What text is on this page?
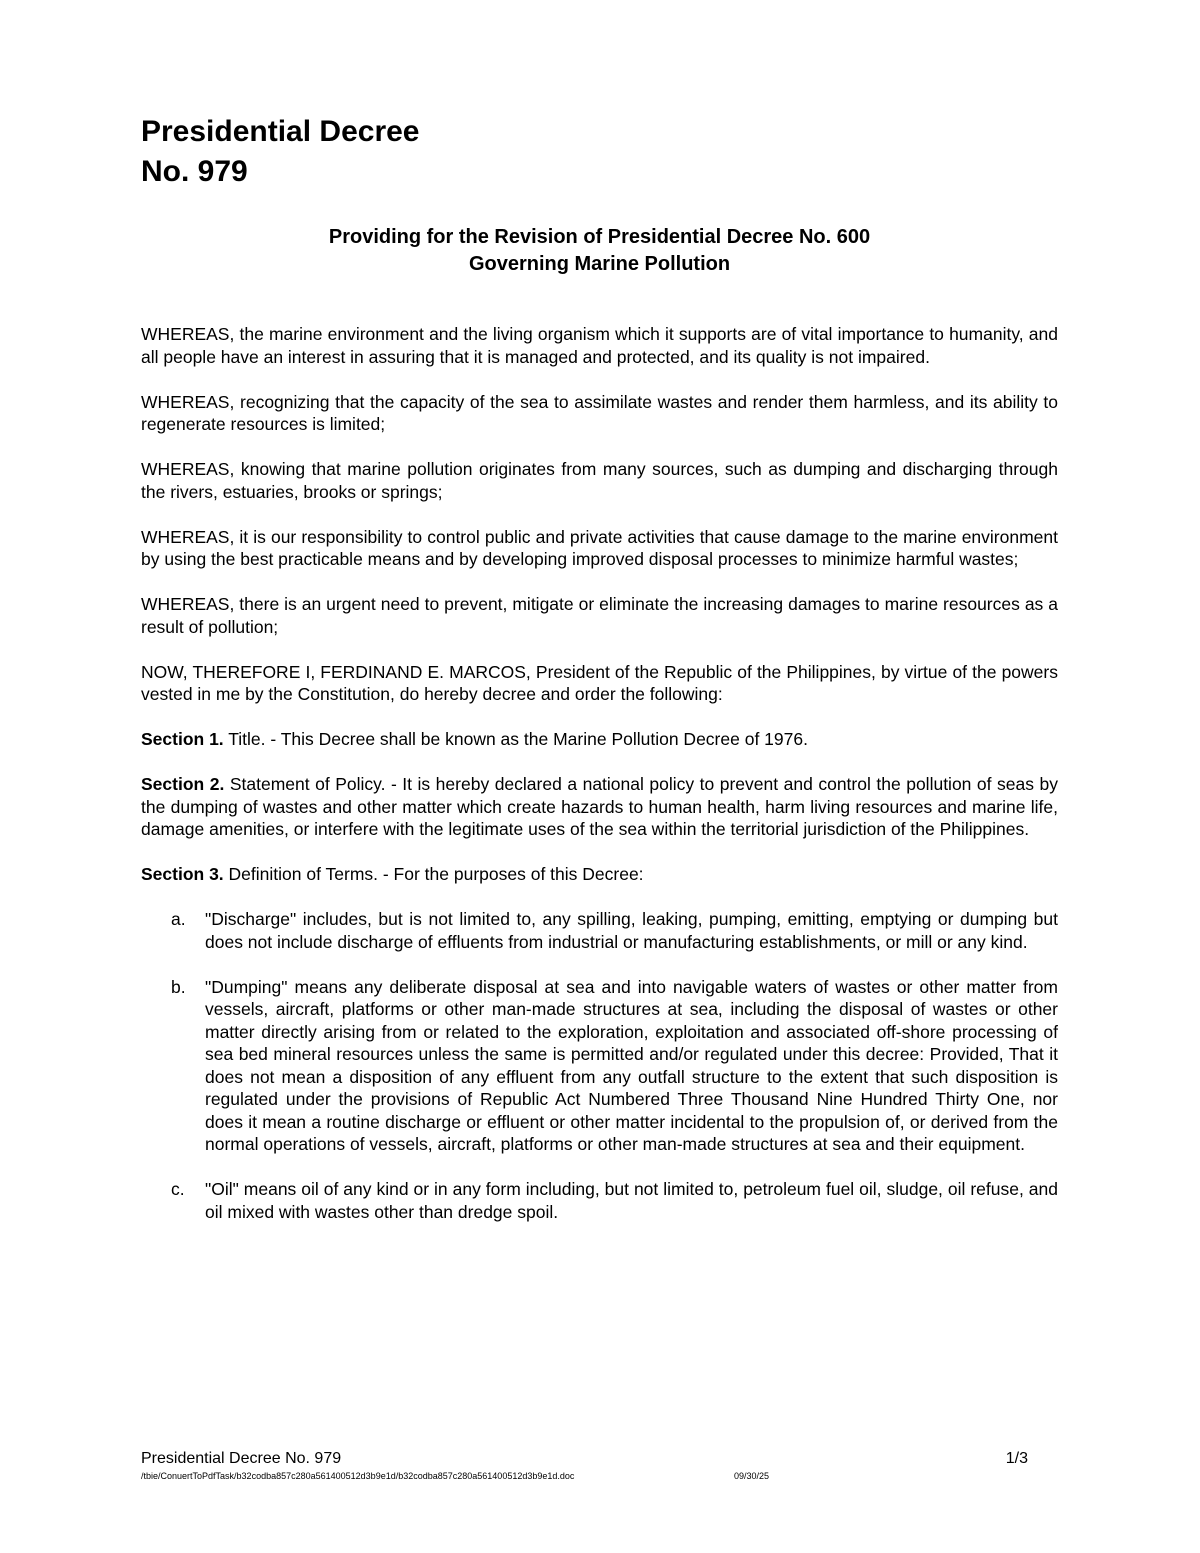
Presidential Decree
No. 979
Providing for the Revision of Presidential Decree No. 600
Governing Marine Pollution

WHEREAS, the marine environment and the living organism which it supports are of vital importance to humanity, and all people have an interest in assuring that it is managed and protected, and its quality is not impaired.

WHEREAS, recognizing that the capacity of the sea to assimilate wastes and render them harmless, and its ability to regenerate resources is limited;

WHEREAS, knowing that marine pollution originates from many sources, such as dumping and discharging through the rivers, estuaries, brooks or springs;

WHEREAS, it is our responsibility to control public and private activities that cause damage to the marine environment by using the best practicable means and by developing improved disposal processes to minimize harmful wastes;

WHEREAS, there is an urgent need to prevent, mitigate or eliminate the increasing damages to marine resources as a result of pollution;

NOW, THEREFORE I, FERDINAND E. MARCOS, President of the Republic of the Philippines, by virtue of the powers vested in me by the Constitution, do hereby decree and order the following:

Section 1. Title. - This Decree shall be known as the Marine Pollution Decree of 1976.

Section 2. Statement of Policy. - It is hereby declared a national policy to prevent and control the pollution of seas by the dumping of wastes and other matter which create hazards to human health, harm living resources and marine life, damage amenities, or interfere with the legitimate uses of the sea within the territorial jurisdiction of the Philippines.

Section 3. Definition of Terms. - For the purposes of this Decree:

a.	"Discharge" includes, but is not limited to, any spilling, leaking, pumping, emitting, emptying or dumping but does not include discharge of effluents from industrial or manufacturing establishments, or mill or any kind.
b.	"Dumping" means any deliberate disposal at sea and into navigable waters of wastes or other matter from vessels, aircraft, platforms or other man-made structures at sea, including the disposal of wastes or other matter directly arising from or related to the exploration, exploitation and associated off-shore processing of sea bed mineral resources unless the same is permitted and/or regulated under this decree: Provided, That it does not mean a disposition of any effluent from any outfall structure to the extent that such disposition is regulated under the provisions of Republic Act Numbered Three Thousand Nine Hundred Thirty One, nor does it mean a routine discharge or effluent or other matter incidental to the propulsion of, or derived from the normal operations of vessels, aircraft, platforms or other man-made structures at sea and their equipment.
c.	"Oil" means oil of any kind or in any form including, but not limited to, petroleum fuel oil, sludge, oil refuse, and oil mixed with wastes other than dredge spoil.
Presidential Decree No. 979	1/3
/tbie/ConuertToPdfTask/b32codba857c280a561400512d3b9e1d/b32codba857c280a561400512d3b9e1d.doc	09/30/25
